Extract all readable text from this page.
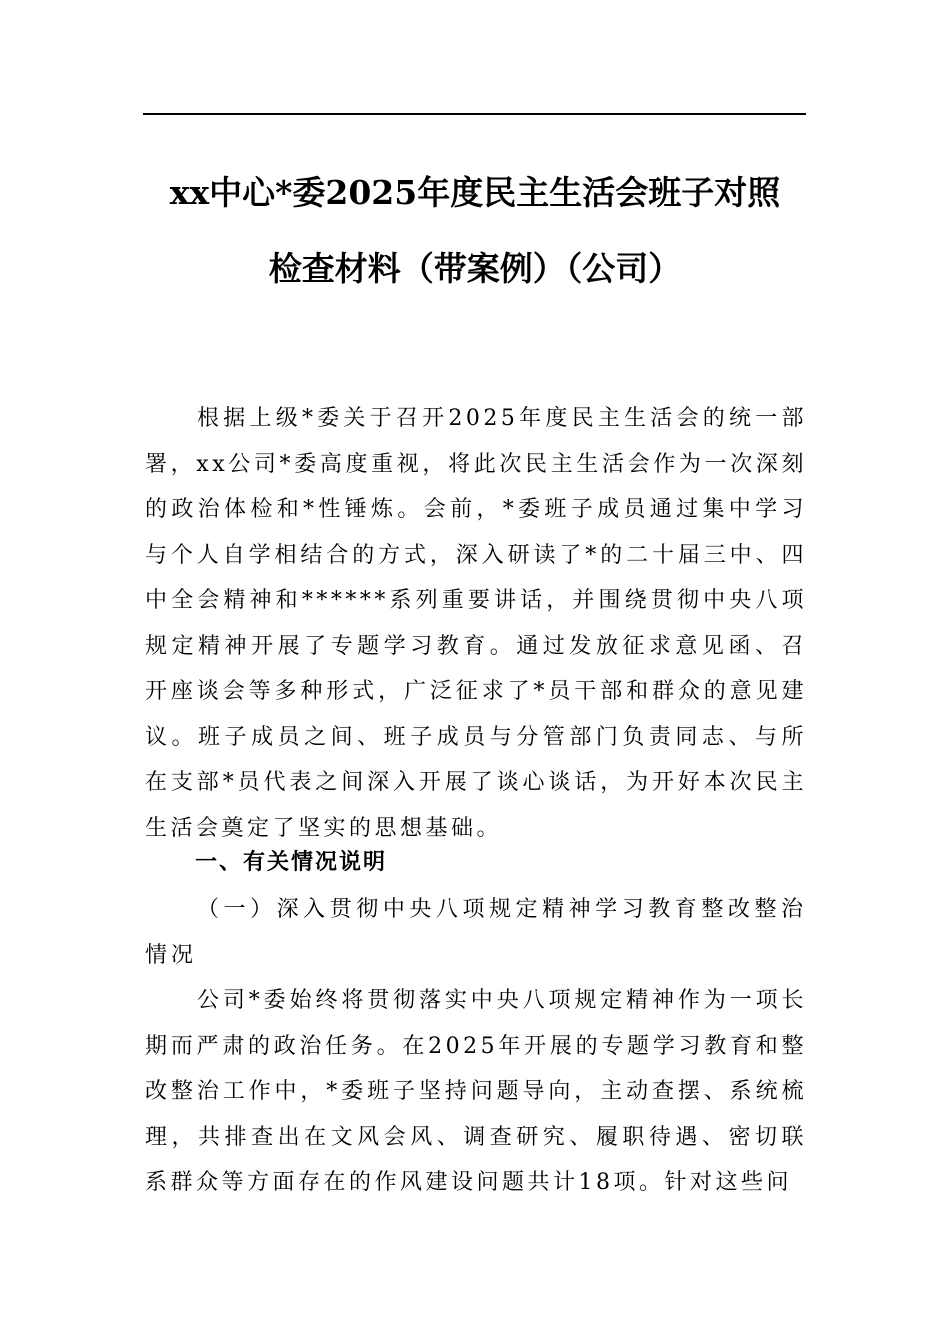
xx中心*委2025年度民主生活会班子对照
检查材料（带案例）（公司）
根据上级*委关于召开2025年度民主生活会的统一部署，xx公司*委高度重视，将此次民主生活会作为一次深刻的政治体检和*性锤炼。会前，*委班子成员通过集中学习与个人自学相结合的方式，深入研读了*的二十届三中、四中全会精神和******系列重要讲话，并围绕贯彻中央八项规定精神开展了专题学习教育。通过发放征求意见函、召开座谈会等多种形式，广泛征求了*员干部和群众的意见建议。班子成员之间、班子成员与分管部门负责同志、与所在支部*员代表之间深入开展了谈心谈话，为开好本次民主生活会奠定了坚实的思想基础。
一、有关情况说明
（一）深入贯彻中央八项规定精神学习教育整改整治情况
公司*委始终将贯彻落实中央八项规定精神作为一项长期而严肃的政治任务。在2025年开展的专题学习教育和整改整治工作中，*委班子坚持问题导向，主动查摆、系统梳理，共排查出在文风会风、调查研究、履职待遇、密切联系群众等方面存在的作风建设问题共计18项。针对这些问
